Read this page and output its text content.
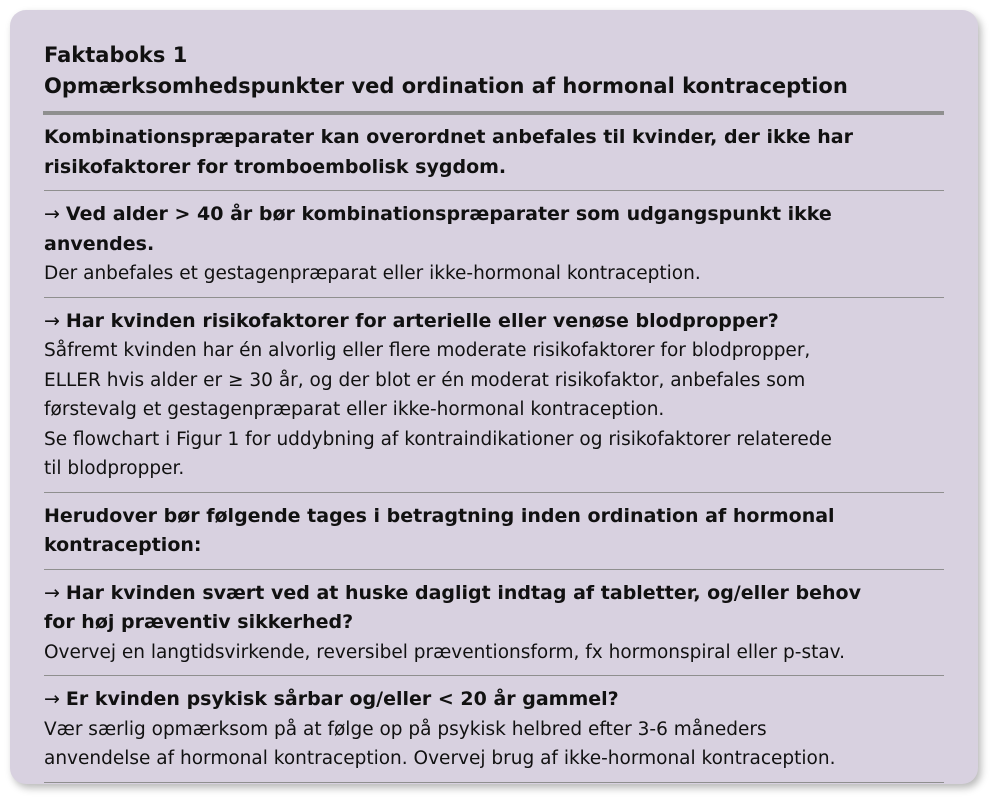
Faktaboks 1
Opmærksomhedspunkter ved ordination af hormonal kontraception
Kombinationspræparater kan overordnet anbefales til kvinder, der ikke har
risikofaktorer for tromboembolisk sygdom.
→ Ved alder > 40 år bør kombinationspræparater som udgangspunkt ikke
anvendes.
Der anbefales et gestagenpræparat eller ikke-hormonal kontraception.
→ Har kvinden risikofaktorer for arterielle eller venøse blodpropper?
Såfremt kvinden har én alvorlig eller flere moderate risikofaktorer for blodpropper,
ELLER hvis alder er ≥ 30 år, og der blot er én moderat risikofaktor, anbefales som
førstevalg et gestagenpræparat eller ikke-hormonal kontraception.
Se flowchart i Figur 1 for uddybning af kontraindikationer og risikofaktorer relaterede
til blodpropper.
Herudover bør følgende tages i betragtning inden ordination af hormonal
kontraception:
→ Har kvinden svært ved at huske dagligt indtag af tabletter, og/eller behov
for høj præventiv sikkerhed?
Overvej en langtidsvirkende, reversibel præventionsform, fx hormonspiral eller p-stav.
→ Er kvinden psykisk sårbar og/eller < 20 år gammel?
Vær særlig opmærksom på at følge op på psykisk helbred efter 3-6 måneders
anvendelse af hormonal kontraception. Overvej brug af ikke-hormonal kontraception.
